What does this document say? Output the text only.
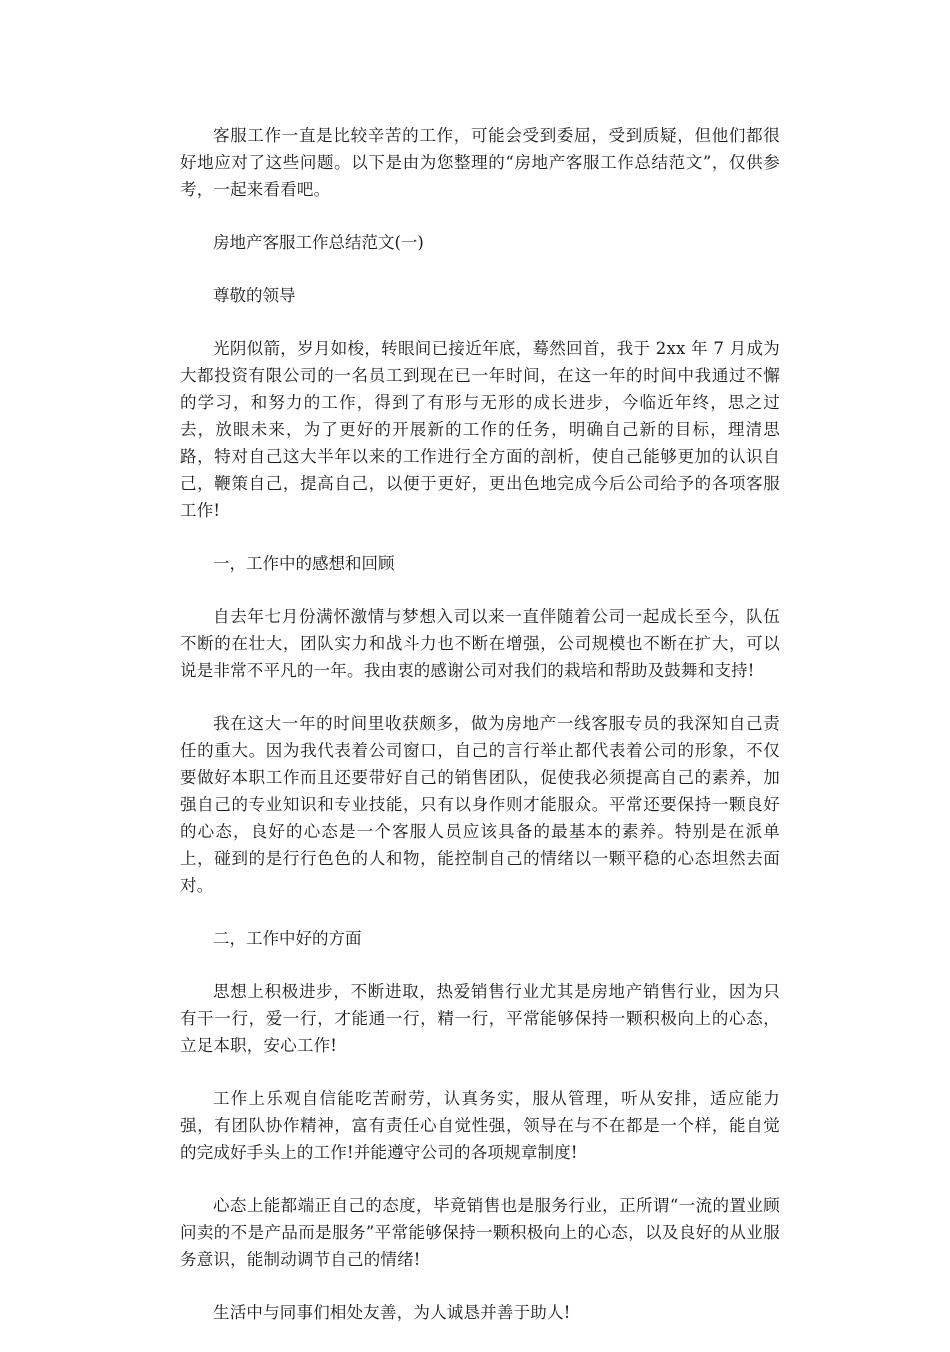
客服工作一直是比较辛苦的工作，可能会受到委屈，受到质疑，但他们都很好地应对了这些问题。以下是由为您整理的“房地产客服工作总结范文”，仅供参考，一起来看看吧。

房地产客服工作总结范文(一)

尊敬的领导

光阴似箭，岁月如梭，转眼间已接近年底，蓦然回首，我于 2xx 年 7 月成为大都投资有限公司的一名员工到现在已一年时间，在这一年的时间中我通过不懈的学习，和努力的工作，得到了有形与无形的成长进步，今临近年终，思之过去，放眼未来，为了更好的开展新的工作的任务，明确自己新的目标，理清思路，特对自己这大半年以来的工作进行全方面的剖析，使自己能够更加的认识自己，鞭策自己，提高自己，以便于更好，更出色地完成今后公司给予的各项客服工作!

一，工作中的感想和回顾

自去年七月份满怀激情与梦想入司以来一直伴随着公司一起成长至今，队伍不断的在壮大，团队实力和战斗力也不断在增强，公司规模也不断在扩大，可以说是非常不平凡的一年。我由衷的感谢公司对我们的栽培和帮助及鼓舞和支持!

我在这大一年的时间里收获颇多，做为房地产一线客服专员的我深知自己责任的重大。因为我代表着公司窗口，自己的言行举止都代表着公司的形象，不仅要做好本职工作而且还要带好自己的销售团队，促使我必须提高自己的素养，加强自己的专业知识和专业技能，只有以身作则才能服众。平常还要保持一颗良好的心态，良好的心态是一个客服人员应该具备的最基本的素养。特别是在派单上，碰到的是行行色色的人和物，能控制自己的情绪以一颗平稳的心态坦然去面对。

二，工作中好的方面

思想上积极进步，不断进取，热爱销售行业尤其是房地产销售行业，因为只有干一行，爱一行，才能通一行，精一行，平常能够保持一颗积极向上的心态，立足本职，安心工作!

工作上乐观自信能吃苦耐劳，认真务实，服从管理，听从安排，适应能力强，有团队协作精神，富有责任心自觉性强，领导在与不在都是一个样，能自觉的完成好手头上的工作!并能遵守公司的各项规章制度!

心态上能都端正自己的态度，毕竟销售也是服务行业，正所谓“一流的置业顾问卖的不是产品而是服务”平常能够保持一颗积极向上的心态，以及良好的从业服务意识，能制动调节自己的情绪!

生活中与同事们相处友善，为人诚恳并善于助人!
